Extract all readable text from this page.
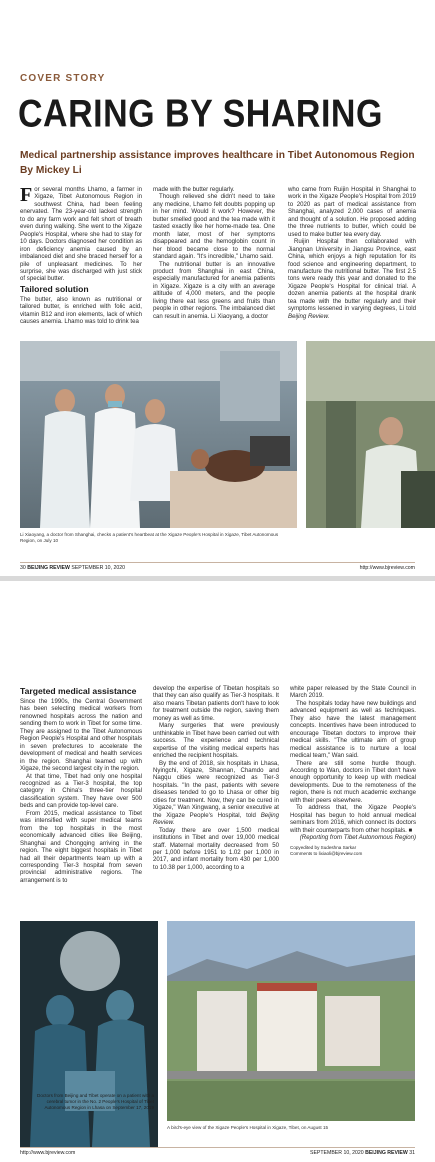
COVER STORY
CARING BY SHARING
Medical partnership assistance improves healthcare in Tibet Autonomous Region
By Mickey Li

For several months Lhamo, a farmer in Xigaze, Tibet Autonomous Region in southwest China, had been feeling enervated. The 23-year-old lacked strength to do any farm work and felt short of breath even during walking. She went to the Xigaze People's Hospital, where she had to stay for 10 days. Doctors diagnosed her condition as iron deficiency anemia caused by an imbalanced diet and she braced herself for a pile of unpleasant medicines. To her surprise, she was discharged with just stick of special butter.

Tailored solution

The butter, also known as nutritional or tailored butter, is enriched with folic acid, vitamin B12 and iron elements, lack of which causes anemia. Lhamo was told to drink tea

made with the butter regularly.

Though relieved she didn't need to take any medicine, Lhamo felt doubts popping up in her mind. Would it work? However, the butter smelled good and the tea made with it tasted exactly like her home-made tea. One month later, most of her symptoms disappeared and the hemoglobin count in her blood became close to the normal standard again. "It's incredible," Lhamo said.

The nutritional butter is an innovative product from Shanghai in east China, especially manufactured for anemia patients in Xigaze. Xigaze is a city with an average altitude of 4,000 meters, and the people living there eat less greens and fruits than people in other regions. The imbalanced diet can result in anemia. Li Xiaoyang, a doctor

who came from Ruijin Hospital in Shanghai to work in the Xigaze People's Hospital from 2019 to 2020 as part of medical assistance from Shanghai, analyzed 2,000 cases of anemia and thought of a solution. He proposed adding the three nutrients to butter, which could be used to make butter tea every day.

Ruijin Hospital then collaborated with Jiangnan University in Jiangsu Province, east China, which enjoys a high reputation for its food science and engineering department, to manufacture the nutritional butter. The first 2.5 tons were ready this year and donated to the Xigaze People's Hospital for clinical trial. A dozen anemia patients at the hospital drank tea made with the butter regularly and their symptoms lessened in varying degrees, Li told Beijing Review.

Li Xiaoyang, a doctor from Shanghai, checks a patient's heartbeat at the Xigaze People's Hospital in Xigaze, Tibet Autonomous Region, on July 10
30 BEIJING REVIEW SEPTEMBER 10, 2020	http://www.bjreview.com
Targeted medical assistance

Since the 1990s, the Central Government has been selecting medical workers from renowned hospitals across the nation and sending them to work in Tibet for some time. They are assigned to the Tibet Autonomous Region People's Hospital and other hospitals in seven prefectures to accelerate the development of medical and health services in the region. Shanghai teamed up with Xigaze, the second largest city in the region.

At that time, Tibet had only one hospital recognized as a Tier-3 hospital, the top category in China's three-tier hospital classification system. They have over 500 beds and can provide top-level care.

From 2015, medical assistance to Tibet was intensified with super medical teams from the top hospitals in the most economically advanced cities like Beijing, Shanghai and Chongqing arriving in the region. The eight biggest hospitals in Tibet had all their departments team up with a corresponding Tier-3 hospital from seven provincial administrative regions. The arrangement is to

develop the expertise of Tibetan hospitals so that they can also qualify as Tier-3 hospitals. It also means Tibetan patients don't have to look for treatment outside the region, saving them money as well as time.

Many surgeries that were previously unthinkable in Tibet have been carried out with success. The experience and technical expertise of the visiting medical experts has enriched the recipient hospitals.

By the end of 2018, six hospitals in Lhasa, Nyingchi, Xigaze, Shannan, Chamdo and Nagqu cities were recognized as Tier-3 hospitals. "In the past, patients with severe diseases tended to go to Lhasa or other big cities for treatment. Now, they can be cured in Xigaze," Wan Xingwang, a senior executive at the Xigaze People's Hospital, told Beijing Review.

Today there are over 1,500 medical institutions in Tibet and over 19,000 medical staff. Maternal mortality decreased from 50 per 1,000 before 1951 to 1.02 per 1,000 in 2017, and infant mortality from 430 per 1,000 to 10.38 per 1,000, according to a

white paper released by the State Council in March 2019.

The hospitals today have new buildings and advanced equipment as well as techniques. They also have the latest management concepts. Incentives have been introduced to encourage Tibetan doctors to improve their medical skills. "The ultimate aim of group medical assistance is to nurture a local medical team," Wan said.

There are still some hurdle though. According to Wan, doctors in Tibet don't have enough opportunity to keep up with medical developments. Due to the remoteness of the region, there is not much academic exchange with their peers elsewhere.

To address that, the Xigaze People's Hospital has begun to hold annual medical seminars from 2016, which connect its doctors with their counterparts from other hospitals. ■

(Reporting from Tibet Autonomous Region)

Copyedited by Sudeshna Sarkar

Comments to lixiaoli@bjreview.com

Doctors from Beijing and Tibet operate on a patient with a cerebral tumor in the No. 2 People's Hospital of Tibet Autonomous Region in Lhasa on September 17, 2019
A bird's-eye view of the Xigaze People's Hospital in Xigaze, Tibet, on August 15
http://www.bjreview.com	SEPTEMBER 10, 2020 BEIJING REVIEW 31
